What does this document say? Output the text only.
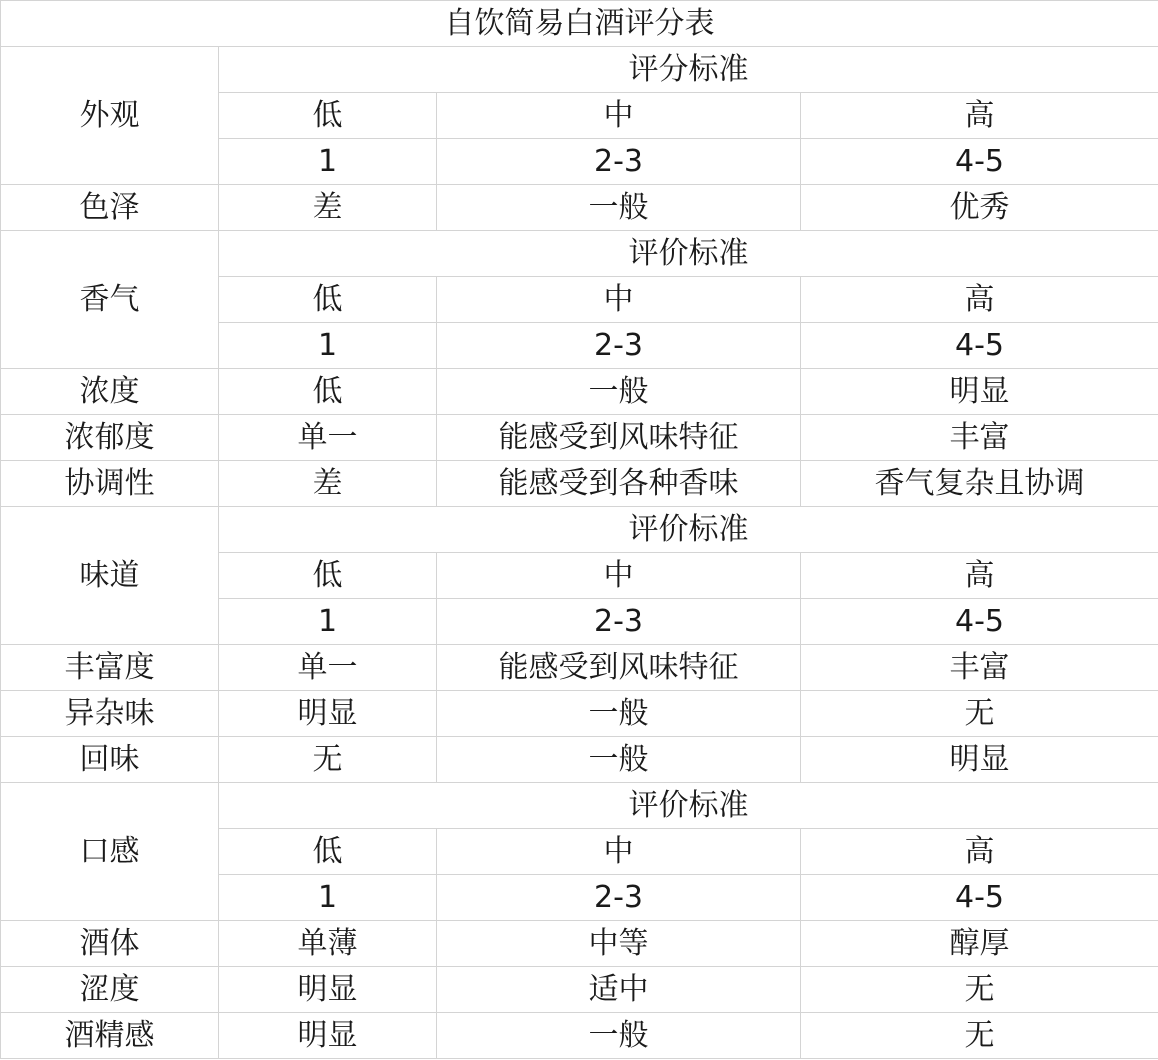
自饮简易白酒评分表			
外观	评分标准		
	低	中	高
	1	2-3	4-5
色泽	差	一般	优秀
香气	评价标准		
	低	中	高
	1	2-3	4-5
浓度	低	一般	明显
浓郁度	单一	能感受到风味特征	丰富
协调性	差	能感受到各种香味	香气复杂且协调
味道	评价标准		
	低	中	高
	1	2-3	4-5
丰富度	单一	能感受到风味特征	丰富
异杂味	明显	一般	无
回味	无	一般	明显
口感	评价标准		
	低	中	高
	1	2-3	4-5
酒体	单薄	中等	醇厚
涩度	明显	适中	无
酒精感	明显	一般	无
